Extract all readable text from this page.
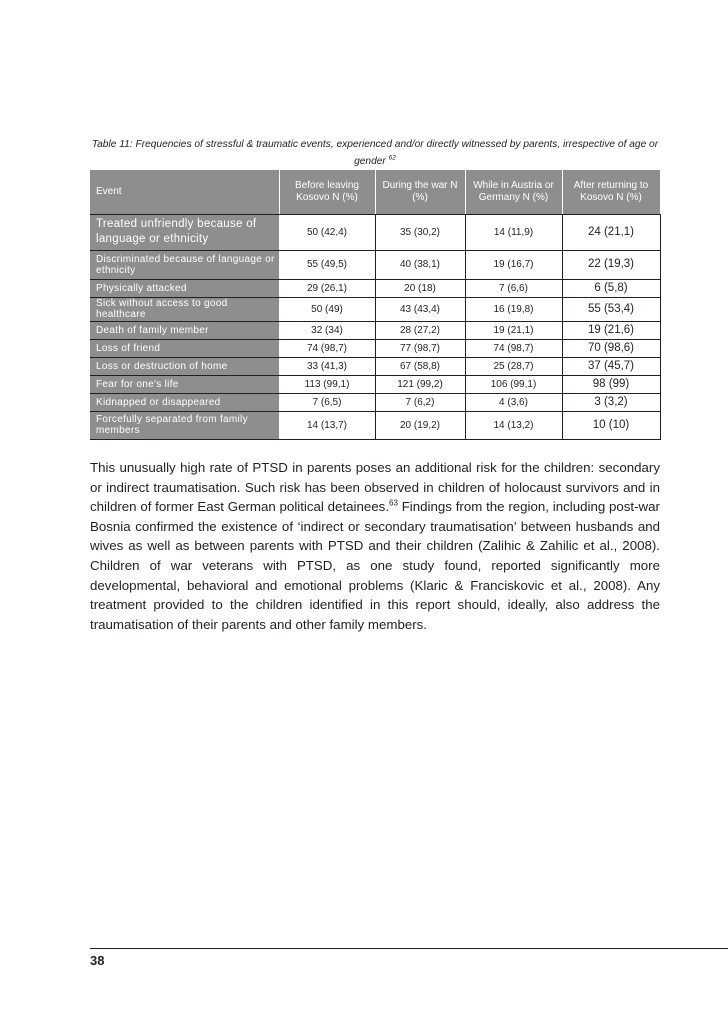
Table 11: Frequencies of stressful & traumatic events, experienced and/or directly witnessed by parents, irrespective of age or gender $^{62}$
Event	Before leaving Kosovo N (%)	During the war N (%)	While in Austria or Germany N (%)	After returning to Kosovo N (%)
Treated unfriendly because of language or ethnicity	50 (42,4)	35 (30,2)	14 (11,9)	24 (21,1)
Discriminated because of language or ethnicity	55 (49,5)	40 (38,1)	19 (16,7)	22 (19,3)
Physically attacked	29 (26,1)	20 (18)	7 (6,6)	6 (5,8)
Sick without access to good healthcare	50 (49)	43 (43,4)	16 (19,8)	55 (53,4)
Death of family member	32 (34)	28 (27,2)	19 (21,1)	19 (21,6)
Loss of friend	74 (98,7)	77 (98,7)	74 (98,7)	70 (98,6)
Loss or destruction of home	33 (41,3)	67 (58,8)	25 (28,7)	37 (45,7)
Fear for one's life	113 (99,1)	121 (99,2)	106 (99,1)	98 (99)
Kidnapped or disappeared	7 (6,5)	7 (6,2)	4 (3,6)	3 (3,2)
Forcefully separated from family members	14 (13,7)	20 (19,2)	14 (13,2)	10 (10)
This unusually high rate of PTSD in parents poses an additional risk for the children: secondary or indirect traumatisation. Such risk has been observed in children of holocaust survivors and in children of former East German political detainees.$^{63}$ Findings from the region, including post-war Bosnia confirmed the existence of ‘indirect or secondary traumatisation’ between husbands and wives as well as between parents with PTSD and their children (Zalihic & Zahilic et al., 2008). Children of war veterans with PTSD, as one study found, reported significantly more developmental, behavioral and emotional problems (Klaric & Franciskovic et al., 2008). Any treatment provided to the children identified in this report should, ideally, also address the traumatisation of their parents and other family members.
38
